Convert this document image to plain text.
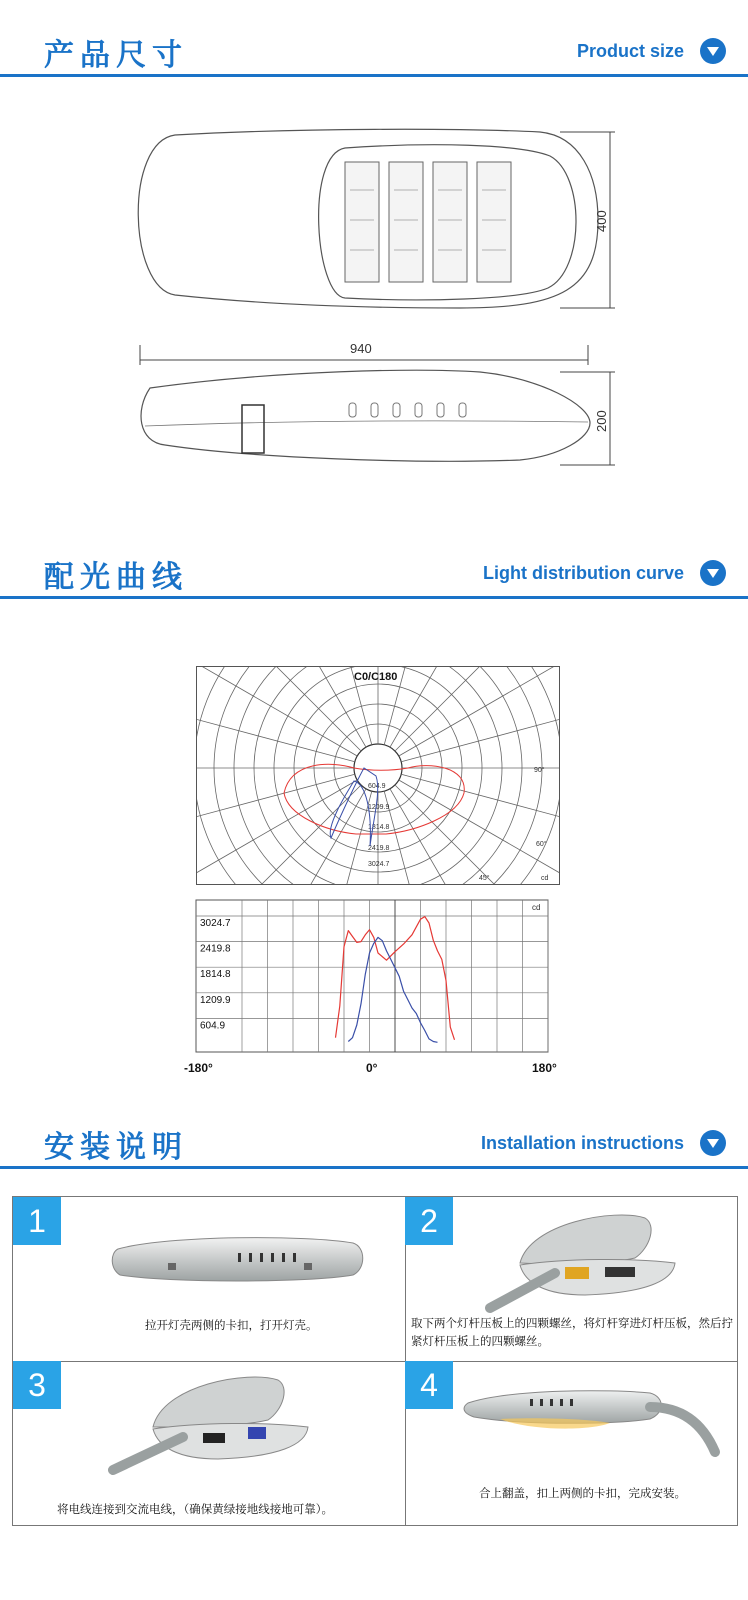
产品尺寸	Product size
400
940
200
配光曲线	Light distribution curve
C0/C180
604.9
1209.9
1814.8
2419.8
3024.7
90°
60°
45°	cd
3024.7
2419.8
1814.8
1209.9
604.9
cd
-180°	0°	180°
安装说明	Installation instructions
1
拉开灯壳两侧的卡扣，打开灯壳。
2
取下两个灯杆压板上的四颗螺丝，将灯杆穿进灯杆压板，然后拧
紧灯杆压板上的四颗螺丝。
3
将电线连接到交流电线，（确保黄绿接地线接地可靠）。
4
合上翻盖，扣上两侧的卡扣，完成安装。
